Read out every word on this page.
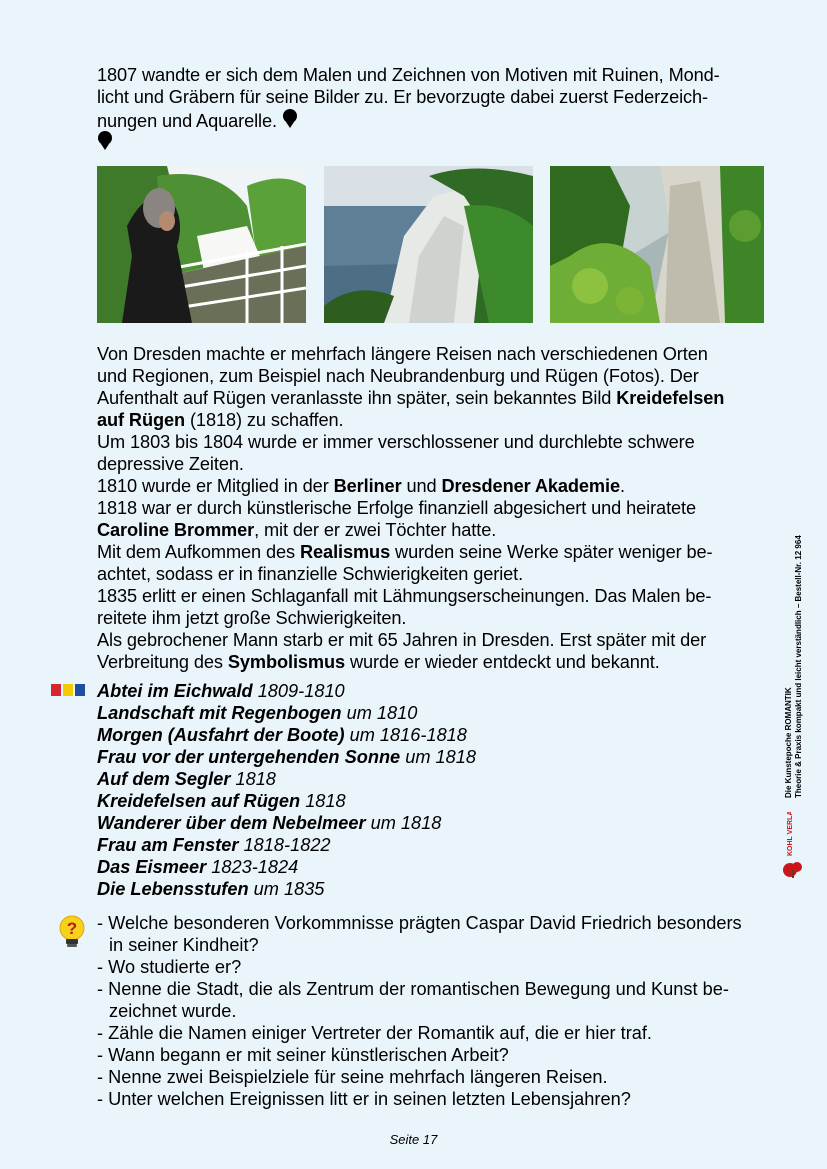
1807 wandte er sich dem Malen und Zeichnen von Motiven mit Ruinen, Mond-
licht und Gräbern für seine Bilder zu. Er bevorzugte dabei zuerst Federzeich-
nungen und Aquarelle.
Von Dresden machte er mehrfach längere Reisen nach verschiedenen Orten
und Regionen, zum Beispiel nach Neubrandenburg und Rügen (Fotos). Der
Aufenthalt auf Rügen veranlasste ihn später, sein bekanntes Bild Kreidefelsen
auf Rügen (1818) zu schaffen.
Um 1803 bis 1804 wurde er immer verschlossener und durchlebte schwere
depressive Zeiten.
1810 wurde er Mitglied in der Berliner und Dresdener Akademie.
1818 war er durch künstlerische Erfolge finanziell abgesichert und heiratete
Caroline Brommer, mit der er zwei Töchter hatte.
Mit dem Aufkommen des Realismus wurden seine Werke später weniger be-
achtet, sodass er in finanzielle Schwierigkeiten geriet.
1835 erlitt er einen Schlaganfall mit Lähmungserscheinungen. Das Malen be-
reitete ihm jetzt große Schwierigkeiten.
Als gebrochener Mann starb er mit 65 Jahren in Dresden. Erst später mit der
Verbreitung des Symbolismus wurde er wieder entdeckt und bekannt.
Abtei im Eichwald 1809-1810
Landschaft mit Regenbogen um 1810
Morgen (Ausfahrt der Boote) um 1816-1818
Frau vor der untergehenden Sonne um 1818
Auf dem Segler 1818
Kreidefelsen auf Rügen 1818
Wanderer über dem Nebelmeer um 1818
Frau am Fenster 1818-1822
Das Eismeer 1823-1824
Die Lebensstufen um 1835
? - Welche besonderen Vorkommnisse prägten Caspar David Friedrich besonders
in seiner Kindheit?
- Wo studierte er?
- Nenne die Stadt, die als Zentrum der romantischen Bewegung und Kunst be-
zeichnet wurde.
- Zähle die Namen einiger Vertreter der Romantik auf, die er hier traf.
- Wann begann er mit seiner künstlerischen Arbeit?
- Nenne zwei Beispielziele für seine mehrfach längeren Reisen.
- Unter welchen Ereignissen litt er in seinen letzten Lebensjahren?
Seite 17
Die Kunstepoche ROMANTIK Theorie & Praxis kompakt und leicht verständlich – Bestell-Nr. 12 964
KOHL VERLAG
